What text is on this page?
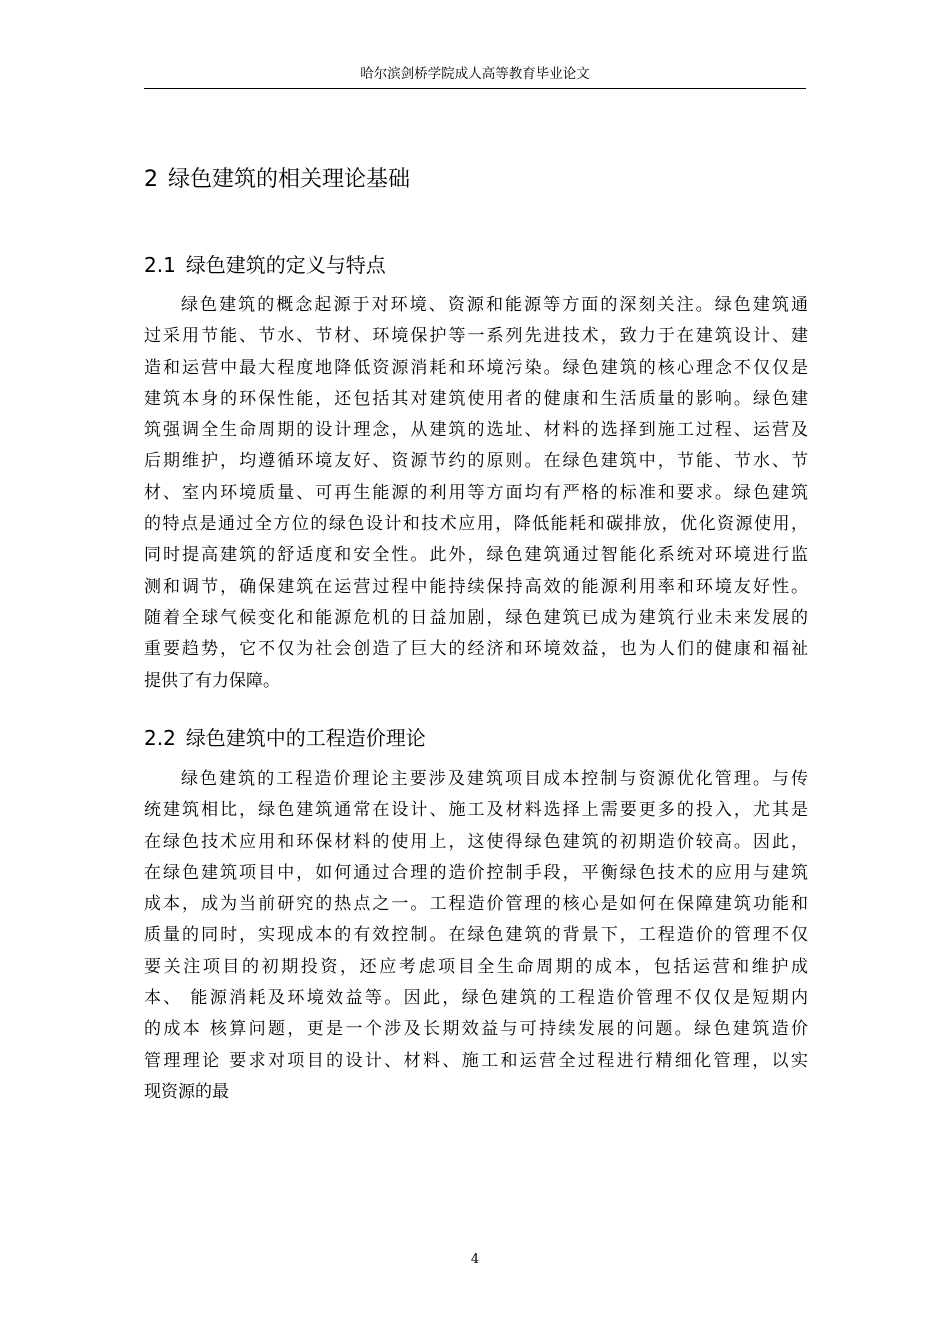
哈尔滨剑桥学院成人高等教育毕业论文
2 绿色建筑的相关理论基础
2.1 绿色建筑的定义与特点
绿色建筑的概念起源于对环境、资源和能源等方面的深刻关注。绿色建筑通
过采用节能、节水、节材、环境保护等一系列先进技术，致力于在建筑设计、建
造和运营中最大程度地降低资源消耗和环境污染。绿色建筑的核心理念不仅仅是
建筑本身的环保性能，还包括其对建筑使用者的健康和生活质量的影响。绿色建
筑强调全生命周期的设计理念，从建筑的选址、材料的选择到施工过程、运营及
后期维护，均遵循环境友好、资源节约的原则。在绿色建筑中，节能、节水、节
材、室内环境质量、可再生能源的利用等方面均有严格的标准和要求。绿色建筑
的特点是通过全方位的绿色设计和技术应用，降低能耗和碳排放，优化资源使用，
同时提高建筑的舒适度和安全性。此外，绿色建筑通过智能化系统对环境进行监
测和调节，确保建筑在运营过程中能持续保持高效的能源利用率和环境友好性。
随着全球气候变化和能源危机的日益加剧，绿色建筑已成为建筑行业未来发展的
重要趋势，它不仅为社会创造了巨大的经济和环境效益，也为人们的健康和福祉
提供了有力保障。
2.2 绿色建筑中的工程造价理论
绿色建筑的工程造价理论主要涉及建筑项目成本控制与资源优化管理。与传
统建筑相比，绿色建筑通常在设计、施工及材料选择上需要更多的投入，尤其是
在绿色技术应用和环保材料的使用上，这使得绿色建筑的初期造价较高。因此，
在绿色建筑项目中，如何通过合理的造价控制手段，平衡绿色技术的应用与建筑
成本，成为当前研究的热点之一。工程造价管理的核心是如何在保障建筑功能和
质量的同时，实现成本的有效控制。在绿色建筑的背景下，工程造价的管理不仅
要关注项目的初期投资，还应考虑项目全生命周期的成本，包括运营和维护成
本、 能源消耗及环境效益等。因此，绿色建筑的工程造价管理不仅仅是短期内
的成本 核算问题，更是一个涉及长期效益与可持续发展的问题。绿色建筑造价
管理理论 要求对项目的设计、材料、施工和运营全过程进行精细化管理，以实
现资源的最
4
